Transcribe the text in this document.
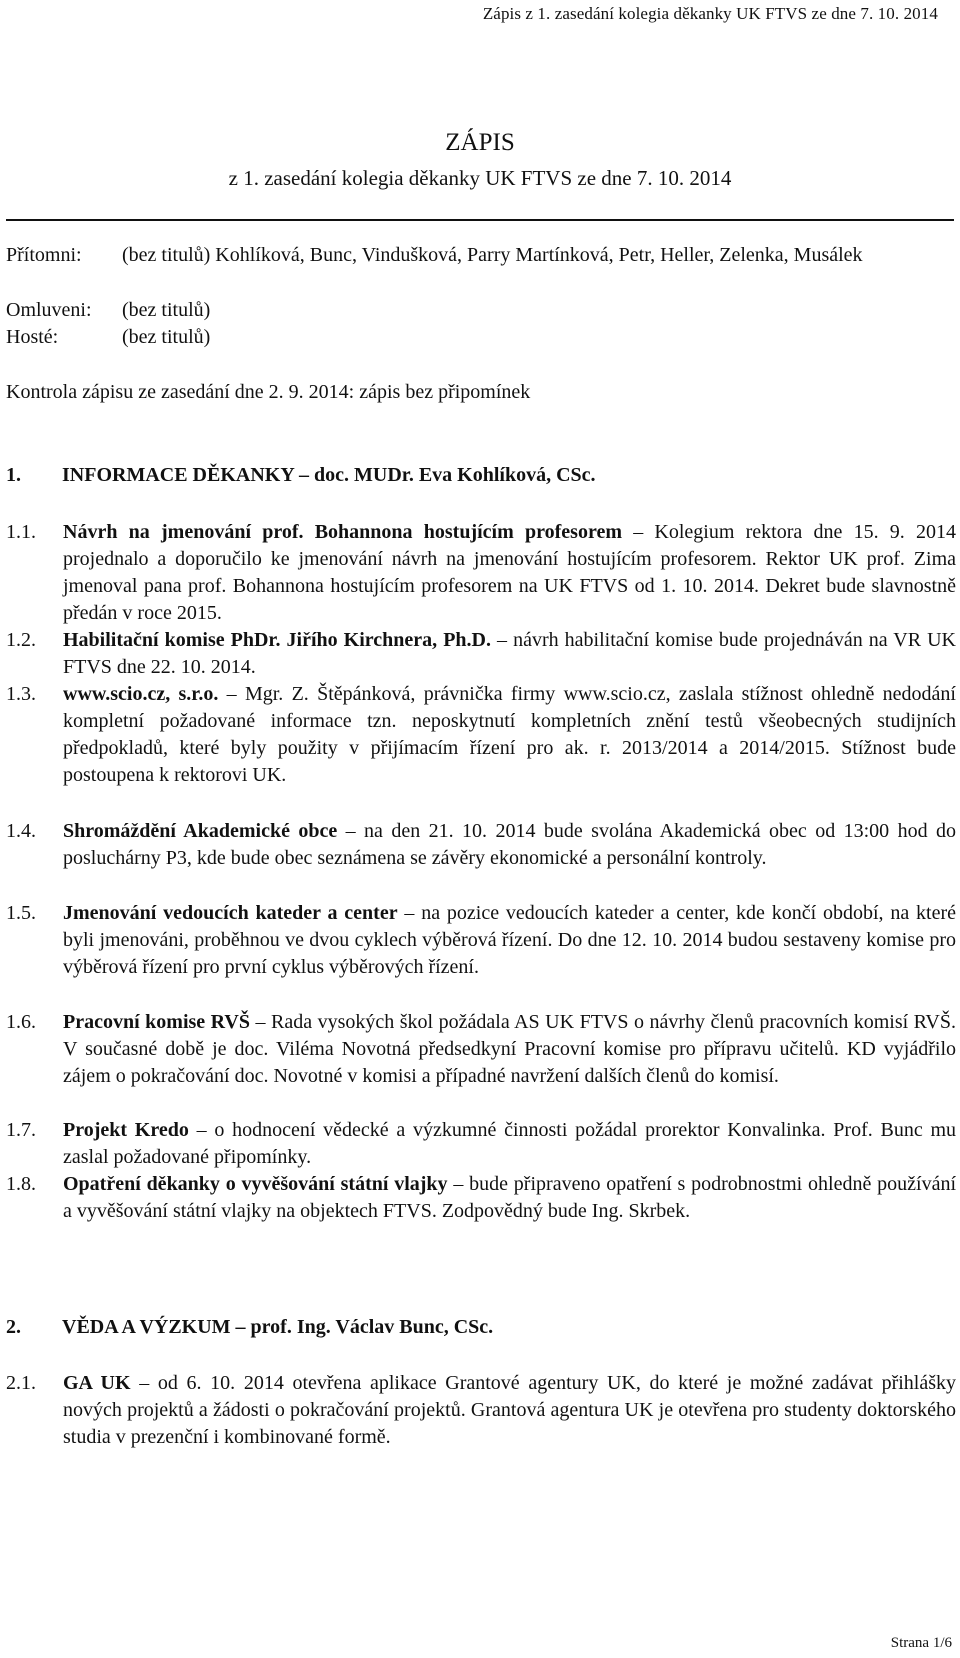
Zápis z 1. zasedání kolegia děkanky UK FTVS ze dne 7. 10. 2014
ZÁPIS
z 1. zasedání kolegia děkanky UK FTVS ze dne 7. 10. 2014
Přítomni: (bez titulů) Kohlíková, Bunc, Vindušková, Parry Martínková, Petr, Heller, Zelenka, Musálek
Omluveni: (bez titulů)
Hosté:	(bez titulů)
Kontrola zápisu ze zasedání dne 2. 9. 2014: zápis bez připomínek
1. INFORMACE DĚKANKY – doc. MUDr. Eva Kohlíková, CSc.
1.1.	Návrh na jmenování prof. Bohannona hostujícím profesorem – Kolegium rektora dne 15. 9. 2014 projednalo a doporučilo ke jmenování návrh na jmenování hostujícím profesorem. Rektor UK prof. Zima jmenoval pana prof. Bohannona hostujícím profesorem na UK FTVS od 1. 10. 2014. Dekret bude slavnostně předán v roce 2015.
1.2.	Habilitační komise PhDr. Jiřího Kirchnera, Ph.D. – návrh habilitační komise bude projednáván na VR UK FTVS dne 22. 10. 2014.
1.3.	www.scio.cz, s.r.o. – Mgr. Z. Štěpánková, právnička firmy www.scio.cz, zaslala stížnost ohledně nedodání kompletní požadované informace tzn. neposkytnutí kompletních znění testů všeobecných studijních předpokladů, které byly použity v přijímacím řízení pro ak. r. 2013/2014 a 2014/2015. Stížnost bude postoupena k rektorovi UK.
1.4.	Shromáždění Akademické obce – na den 21. 10. 2014 bude svolána Akademická obec od 13:00 hod do posluchárny P3, kde bude obec seznámena se závěry ekonomické a personální kontroly.
1.5.	Jmenování vedoucích kateder a center – na pozice vedoucích kateder a center, kde končí období, na které byli jmenováni, proběhnou ve dvou cyklech výběrová řízení. Do dne 12. 10. 2014 budou sestaveny komise pro výběrová řízení pro první cyklus výběrových řízení.
1.6.	Pracovní komise RVŠ – Rada vysokých škol požádala AS UK FTVS o návrhy členů pracovních komisí RVŠ. V současné době je doc. Viléma Novotná předsedkyní Pracovní komise pro přípravu učitelů. KD vyjádřilo zájem o pokračování doc. Novotné v komisi a případné navržení dalších členů do komisí.
1.7.	Projekt Kredo – o hodnocení vědecké a výzkumné činnosti požádal prorektor Konvalinka. Prof. Bunc mu zaslal požadované připomínky.
1.8.	Opatření děkanky o vyvěšování státní vlajky – bude připraveno opatření s podrobnostmi ohledně používání a vyvěšování státní vlajky na objektech FTVS. Zodpovědný bude Ing. Skrbek.
2. VĚDA A VÝZKUM – prof. Ing. Václav Bunc, CSc.
2.1.	GA UK – od 6. 10. 2014 otevřena aplikace Grantové agentury UK, do které je možné zadávat přihlášky nových projektů a žádosti o pokračování projektů. Grantová agentura UK je otevřena pro studenty doktorského studia v prezenční i kombinované formě.
Strana 1/6
